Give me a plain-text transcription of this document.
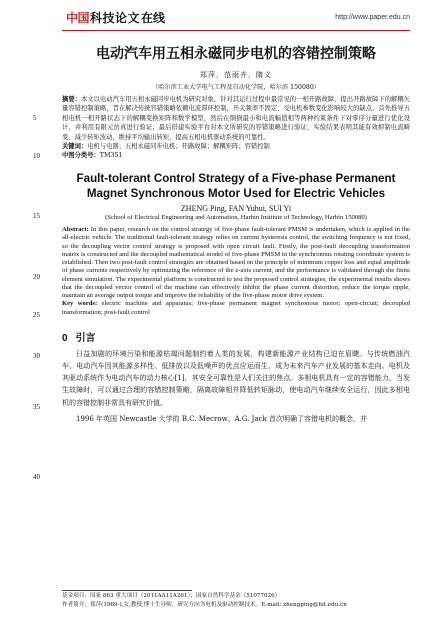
中国 科技论文 在线	http://www.paper.edu.cn
5
10
15
20
25
30
35
40
电动汽车用五相永磁同步电机的容错控制策略
郑萍，范雨卉，隋义
（哈尔滨工业大学电气工程及自动化学院，哈尔滨 150080）
摘要：本文以电动汽车用五相永磁同步电机为研究对象，针对其运行过程中最常见的一相开路故障，提出开路故障下的解耦矢量容错控制策略，旨在解决传统容错策略依赖电流滞环控制，开关频率不固定、受电机参数变化影响较大的缺点。首先推导五相电机一相开路状态下的解耦变换矩阵和数学模型，然后在铜损最小和电流幅值相等两种约束条件下对零序分量进行优化设计，并利用有限元仿真进行验证；最后搭建实验平台对本文所研究的容错策略进行验证，实验结果表明其能有效抑制电流畸变、减少转矩波动，维持平均输出转矩，提高五相电机驱动系统的可靠性。
关键词：电机与电器；五相永磁同步电机；开路故障；解耦矩阵；容错控制
中图分类号：TM351
Fault-tolerant Control Strategy of a Five-phase Permanent Magnet Synchronous Motor Used for Electric Vehicles
ZHENG Ping, FAN Yuhui, SUI Yi
(School of Electrical Engineering and Automation, Harbin Institute of Technology, Harbin 150080)
Abstract: In this paper, research on the control strategy of five-phase fault-tolerant PMSM is undertaken, which is applied in the all-electric vehicle. The traditional fault-tolerant strategy relies on current hysteresis control, the switching frequency is not fixed, so the decoupling vector control strategy is proposed with open circuit fault. Firstly, the post-fault decoupling transformation matrix is constructed and the decoupled mathematical model of five-phase PMSM in the synchronous rotating coordinate system is established. Then two post-fault control strategies are obtained based on the principle of minimum copper loss and equal amplitude of phase currents respectively by optimizing the reference of the z-axis current, and the performance is validated through the finite element simulation. The experimental platform is constructed to test the proposed control strategies, the experimental results shows that the decoupled vector control of the machine can effectively inhibit the phase current distortion, reduce the torque ripple, maintain an average output torque and improve the reliability of the five-phase motor drive system.
Key words: electric machine and apparatus; five-phase permanent magnet synchronous motor; open-circuit; decoupled transformation; post-fault control
0 引言
日益加剧的环境污染和能源枯竭问题制约着人类的发展，构建新能源产业结构已迫在眉睫。与传统燃油汽车，电动汽车因其能源多样性、低排放以及低噪声的优点应运而生，成为未来汽车产业发展的基本走向。电机及其驱动系统作为电动汽车的动力核心[1]，其安全可靠性是人们关注的焦点。多相电机具有一定的容错能力，当发生故障时，可以通过合理的容错控制策略，隔离故障相并降低转矩脉动，使电动汽车继续安全运行，因此多相电机的容错控制非常具有研究价值。
1996 年英国 Newcastle 大学的 B.C. Mecrow、A.G. Jack 首次明确了容错电机的概念，并
基金项目：国家 863 重大项目（2011AA11A261）；国家自然科学基金（51077026）
作者简介：郑萍(1969-),女,教授,博士生导师，研究方向为电机及驱动控制技术。E-mail: zhengping@hit.edu.cn
